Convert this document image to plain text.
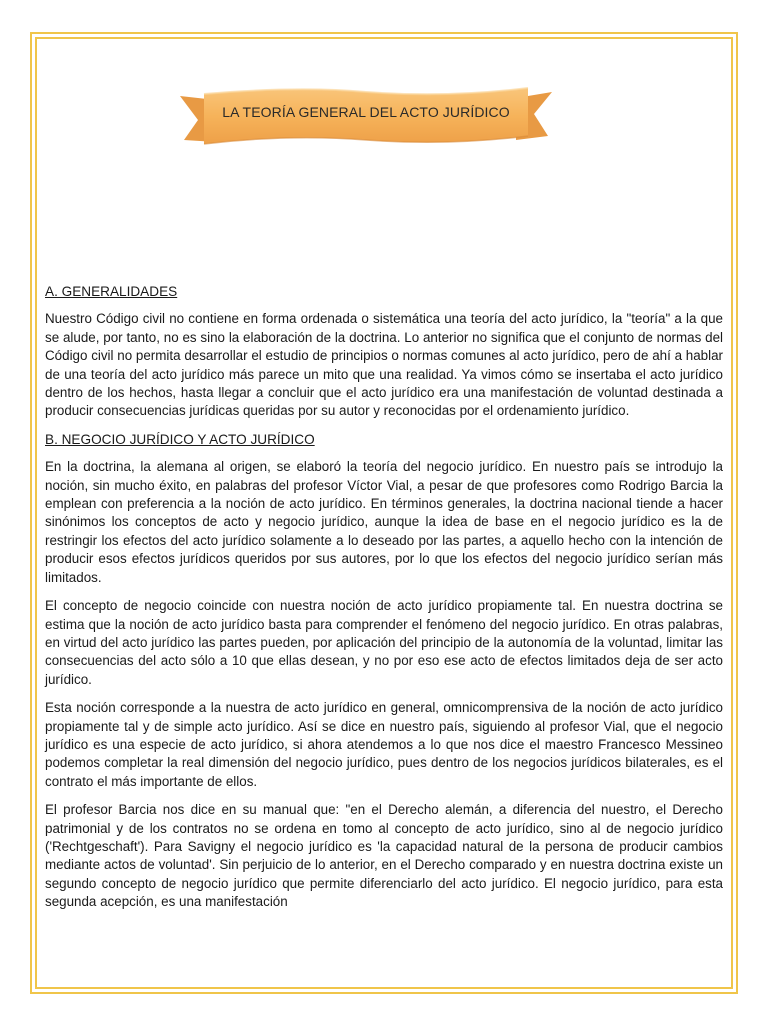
LA TEORÍA GENERAL DEL ACTO JURÍDICO
A. GENERALIDADES

Nuestro Código civil no contiene en forma ordenada o sistemática una teoría del acto jurídico, la "teoría" a la que se alude, por tanto, no es sino la elaboración de la doctrina. Lo anterior no significa que el conjunto de normas del Código civil no permita desarrollar el estudio de principios o normas comunes al acto jurídico, pero de ahí a hablar de una teoría del acto jurídico más parece un mito que una realidad. Ya vimos cómo se insertaba el acto jurídico dentro de los hechos, hasta llegar a concluir que el acto jurídico era una manifestación de voluntad destinada a producir consecuencias jurídicas queridas por su autor y reconocidas por el ordenamiento jurídico.

B. NEGOCIO JURÍDICO Y ACTO JURÍDICO

En la doctrina, la alemana al origen, se elaboró la teoría del negocio jurídico. En nuestro país se introdujo la noción, sin mucho éxito, en palabras del profesor Víctor Vial, a pesar de que profesores como Rodrigo Barcia la emplean con preferencia a la noción de acto jurídico. En términos generales, la doctrina nacional tiende a hacer sinónimos los conceptos de acto y negocio jurídico, aunque la idea de base en el negocio jurídico es la de restringir los efectos del acto jurídico solamente a lo deseado por las partes, a aquello hecho con la intención de producir esos efectos jurídicos queridos por sus autores, por lo que los efectos del negocio jurídico serían más limitados.

El concepto de negocio coincide con nuestra noción de acto jurídico propiamente tal. En nuestra doctrina se estima que la noción de acto jurídico basta para comprender el fenómeno del negocio jurídico. En otras palabras, en virtud del acto jurídico las partes pueden, por aplicación del principio de la autonomía de la voluntad, limitar las consecuencias del acto sólo a 10 que ellas desean, y no por eso ese acto de efectos limitados deja de ser acto jurídico.

Esta noción corresponde a la nuestra de acto jurídico en general, omnicomprensiva de la noción de acto jurídico propiamente tal y de simple acto jurídico. Así se dice en nuestro país, siguiendo al profesor Vial, que el negocio jurídico es una especie de acto jurídico, si ahora atendemos a lo que nos dice el maestro Francesco Messineo podemos completar la real dimensión del negocio jurídico, pues dentro de los negocios jurídicos bilaterales, es el contrato el más importante de ellos.

El profesor Barcia nos dice en su manual que: "en el Derecho alemán, a diferencia del nuestro, el Derecho patrimonial y de los contratos no se ordena en tomo al concepto de acto jurídico, sino al de negocio jurídico ('Rechtgeschaft'). Para Savigny el negocio jurídico es 'la capacidad natural de la persona de producir cambios mediante actos de voluntad'. Sin perjuicio de lo anterior, en el Derecho comparado y en nuestra doctrina existe un segundo concepto de negocio jurídico que permite diferenciarlo del acto jurídico. El negocio jurídico, para esta segunda acepción, es una manifestación
